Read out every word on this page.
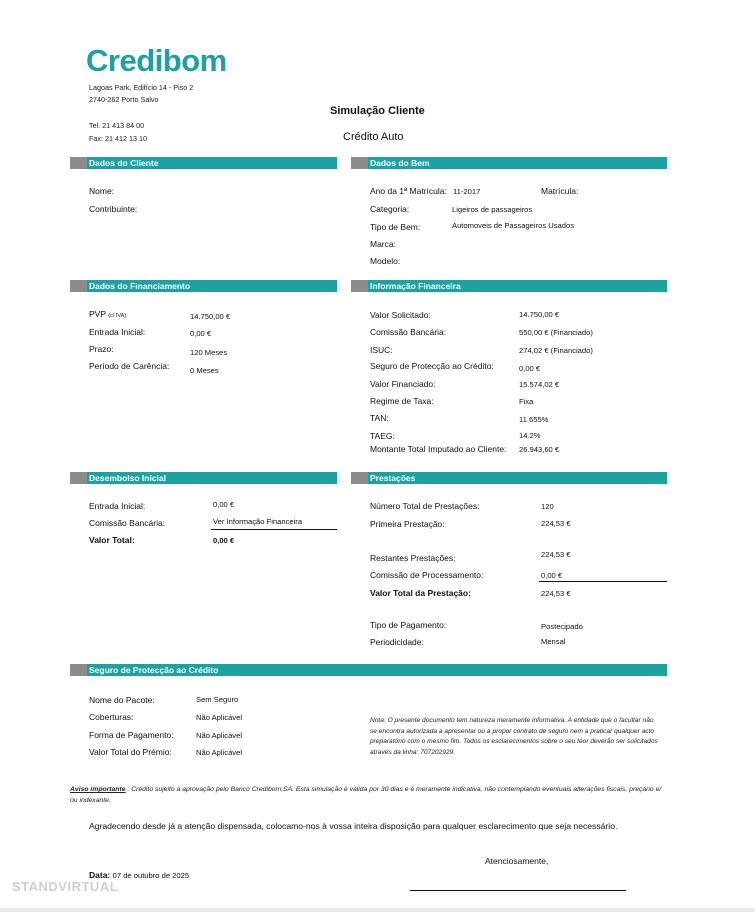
Credibom
Lagoas Park, Edifício 14 - Piso 2
2740-262 Porto Salvo
Tel. 21 413 84 00
Fax: 21 412 13 10
Simulação Cliente
Crédito Auto
Dados do Cliente	Dados do Bem
Nome:
Contribuinte:
Ano da 1ª Matrícula: 11-2017	Matrícula:
Categoria:	Ligeiros de passageiros
Tipo de Bem:	Automoveis de Passageiros Usados
Marca:
Modelo:
Dados do Financiamento	Informação Financeira
PVP (c/ IVA):	14.750,00 €
Entrada Inicial:	0,00 €
Prazo:	120 Meses
Período de Carência:	0 Meses
Valor Solicitado:	14.750,00 €
Comissão Bancária:	550,00 € (Financiado)
ISUC:	274,02 € (Financiado)
Seguro de Protecção ao Crédito:	0,00 €
Valor Financiado:	15.574,02 €
Regime de Taxa:	Fixa
TAN:	11.655%
TAEG:	14.2%
Montante Total Imputado ao Cliente: 26.943,60 €
Desembolso Inicial	Prestações
Entrada Inicial:	0,00 €
Comissão Bancária:	Ver Informação Financeira
Valor Total:	0,00 €
Número Total de Prestações:	120
Primeira Prestação:	224,53 €
Restantes Prestações:	224,53 €
Comissão de Processamento:	0,00 €
Valor Total da Prestação:	224,53 €
Tipo de Pagamento:	Postecipado
Periodicidade:	Mensal
Seguro de Protecção ao Crédito
Nome do Pacote:	Sem Seguro
Coberturas:	Não Aplicável
Forma de Pagamento:	Não Aplicável
Valor Total do Prémio:	Não Aplicável
Nota: O presente documento tem natureza meramente informativa. A entidade que o facultar não se encontra autorizada a apresentar ou a propor contrato de seguro nem a praticar qualquer acto preparatório com o mesmo fim. Todos os esclarecimentos sobre o seu teor deverão ser solicitados através da linha: 707202929.
Aviso importante : Crédito sujeito a aprovação pelo Banco Credibom,SA. Esta simulação é válida por 30 dias e é meramente indicativa, não contemplando eventuais alterações fiscais, preçário e/ ou indexante.
Agradecendo desde já a atenção dispensada, colocamo-nos à vossa inteira disposição para qualquer esclarecimento que seja necessário.
Atenciosamente,
Data: 07 de outubro de 2025
STANDVIRTUAL
